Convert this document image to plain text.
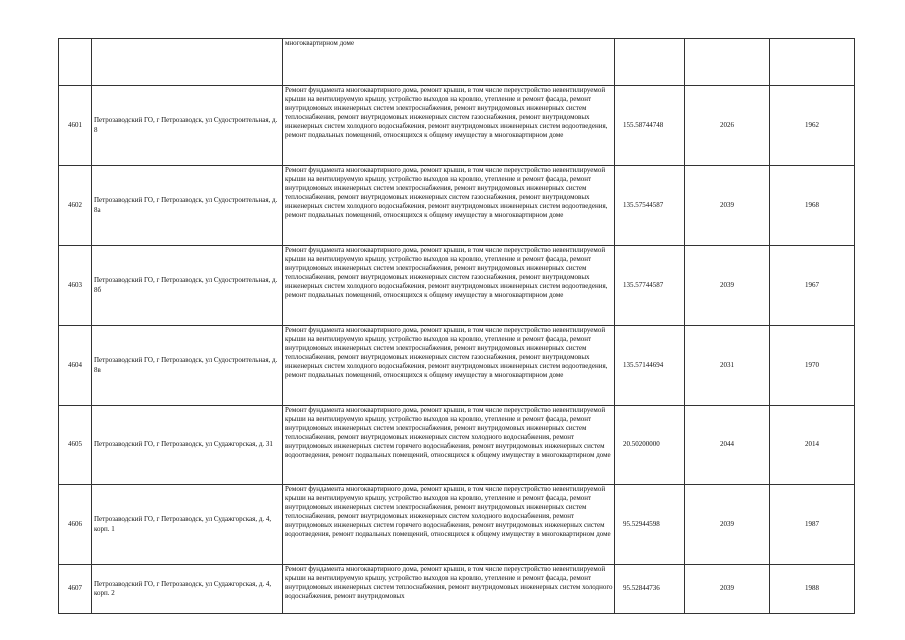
		многоквартирном доме			

4601	Петрозаводский ГО, г Петрозаводск, ул Судостроительная, д. 8	Ремонт фундамента многоквартирного дома, ремонт крыши, в том числе переустройство невентилируемой крыши на вентилируемую крышу, устройство выходов на кровлю, утепление и ремонт фасада, ремонт внутридомовых инженерных систем электроснабжения, ремонт внутридомовых инженерных систем теплоснабжения, ремонт внутридомовых инженерных систем газоснабжения, ремонт внутридомовых инженерных систем холодного водоснабжения, ремонт внутридомовых инженерных систем водоотведения, ремонт подвальных помещений, относящихся к общему имуществу в многоквартирном доме	155.58744748	2026	1962
4602	Петрозаводский ГО, г Петрозаводск, ул Судостроительная, д. 8а	Ремонт фундамента многоквартирного дома, ремонт крыши, в том числе переустройство невентилируемой крыши на вентилируемую крышу, устройство выходов на кровлю, утепление и ремонт фасада, ремонт внутридомовых инженерных систем электроснабжения, ремонт внутридомовых инженерных систем теплоснабжения, ремонт внутридомовых инженерных систем газоснабжения, ремонт внутридомовых инженерных систем холодного водоснабжения, ремонт внутридомовых инженерных систем водоотведения, ремонт подвальных помещений, относящихся к общему имуществу в многоквартирном доме	135.57544587	2039	1968
4603	Петрозаводский ГО, г Петрозаводск, ул Судостроительная, д. 8б	Ремонт фундамента многоквартирного дома, ремонт крыши, в том числе переустройство невентилируемой крыши на вентилируемую крышу, устройство выходов на кровлю, утепление и ремонт фасада, ремонт внутридомовых инженерных систем электроснабжения, ремонт внутридомовых инженерных систем теплоснабжения, ремонт внутридомовых инженерных систем газоснабжения, ремонт внутридомовых инженерных систем холодного водоснабжения, ремонт внутридомовых инженерных систем водоотведения, ремонт подвальных помещений, относящихся к общему имуществу в многоквартирном доме	135.57744587	2039	1967
4604	Петрозаводский ГО, г Петрозаводск, ул Судостроительная, д. 8в	Ремонт фундамента многоквартирного дома, ремонт крыши, в том числе переустройство невентилируемой крыши на вентилируемую крышу, устройство выходов на кровлю, утепление и ремонт фасада, ремонт внутридомовых инженерных систем электроснабжения, ремонт внутридомовых инженерных систем теплоснабжения, ремонт внутридомовых инженерных систем газоснабжения, ремонт внутридомовых инженерных систем холодного водоснабжения, ремонт внутридомовых инженерных систем водоотведения, ремонт подвальных помещений, относящихся к общему имуществу в многоквартирном доме	135.57144694	2031	1970
4605	Петрозаводский ГО, г Петрозаводск, ул Судажгорская, д. 31	Ремонт фундамента многоквартирного дома, ремонт крыши, в том числе переустройство невентилируемой крыши на вентилируемую крышу, устройство выходов на кровлю, утепление и ремонт фасада, ремонт внутридомовых инженерных систем электроснабжения, ремонт внутридомовых инженерных систем теплоснабжения, ремонт внутридомовых инженерных систем холодного водоснабжения, ремонт внутридомовых инженерных систем горячего водоснабжения, ремонт внутридомовых инженерных систем водоотведения, ремонт подвальных помещений, относящихся к общему имуществу в многоквартирном доме	20.50200000	2044	2014
4606	Петрозаводский ГО, г Петрозаводск, ул Судажгорская, д. 4, корп. 1	Ремонт фундамента многоквартирного дома, ремонт крыши, в том числе переустройство невентилируемой крыши на вентилируемую крышу, устройство выходов на кровлю, утепление и ремонт фасада, ремонт внутридомовых инженерных систем электроснабжения, ремонт внутридомовых инженерных систем теплоснабжения, ремонт внутридомовых инженерных систем холодного водоснабжения, ремонт внутридомовых инженерных систем горячего водоснабжения, ремонт внутридомовых инженерных систем водоотведения, ремонт подвальных помещений, относящихся к общему имуществу в многоквартирном доме	95.52944598	2039	1987
4607	Петрозаводский ГО, г Петрозаводск, ул Судажгорская, д. 4, корп. 2	Ремонт фундамента многоквартирного дома, ремонт крыши, в том числе переустройство невентилируемой крыши на вентилируемую крышу, устройство выходов на кровлю, утепление и ремонт фасада, ремонт внутридомовых инженерных систем теплоснабжения, ремонт внутридомовых инженерных систем холодного водоснабжения, ремонт внутридомовых	95.52844736	2039	1988
